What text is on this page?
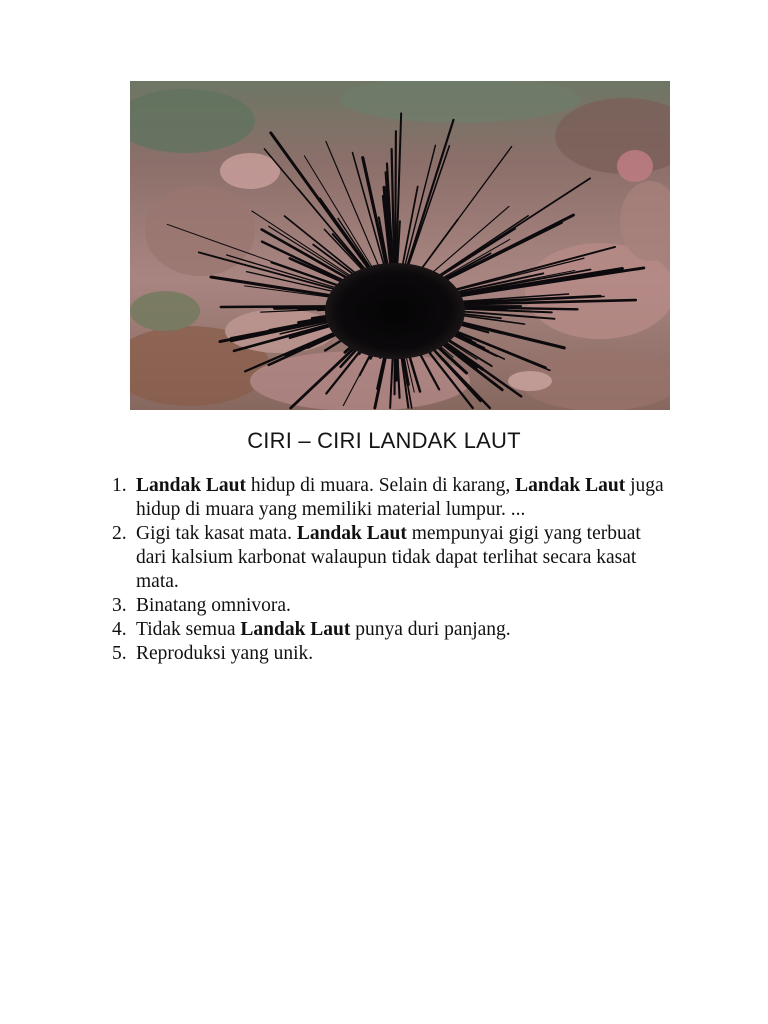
CIRI – CIRI LANDAK LAUT
1. Landak Laut hidup di muara. Selain di karang, Landak Laut juga hidup di muara yang memiliki material lumpur. ...
2. Gigi tak kasat mata. Landak Laut mempunyai gigi yang terbuat dari kalsium karbonat walaupun tidak dapat terlihat secara kasat mata.
3. Binatang omnivora.
4. Tidak semua Landak Laut punya duri panjang.
5. Reproduksi yang unik.
